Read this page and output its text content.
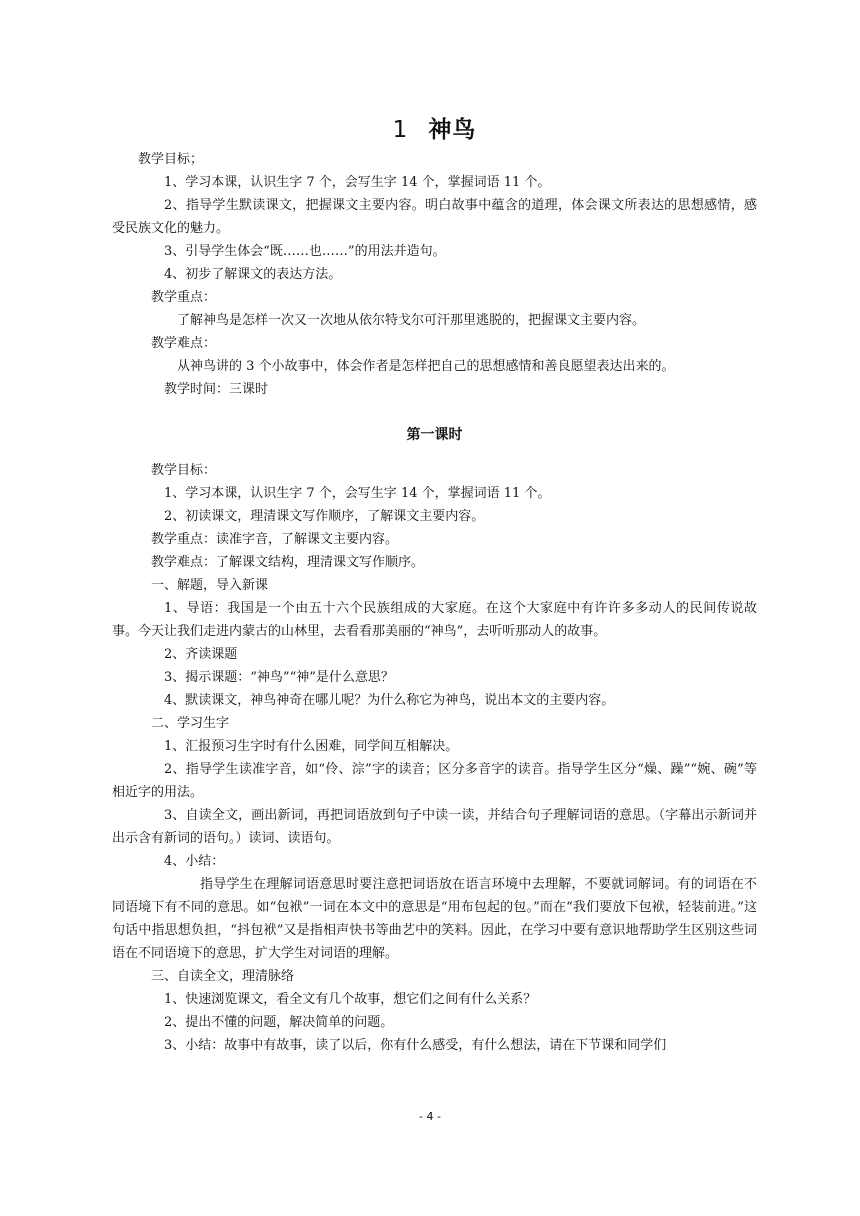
1 神鸟

教学目标；

1、学习本课，认识生字 7 个，会写生字 14 个，掌握词语 11 个。

2、指导学生默读课文，把握课文主要内容。明白故事中蕴含的道理，体会课文所表达的思想感情，感受民族文化的魅力。

3、引导学生体会“既……也……”的用法并造句。

4、初步了解课文的表达方法。

教学重点：

了解神鸟是怎样一次又一次地从依尔特戈尔可汗那里逃脱的，把握课文主要内容。

教学难点：

从神鸟讲的 3 个小故事中，体会作者是怎样把自己的思想感情和善良愿望表达出来的。

教学时间：三课时

第一课时

教学目标：

1、学习本课，认识生字 7 个，会写生字 14 个，掌握词语 11 个。

2、初读课文，理清课文写作顺序，了解课文主要内容。

教学重点：读准字音，了解课文主要内容。

教学难点：了解课文结构，理清课文写作顺序。

一、解题，导入新课

1、导语：我国是一个由五十六个民族组成的大家庭。在这个大家庭中有许许多多动人的民间传说故事。今天让我们走进内蒙古的山林里，去看看那美丽的“神鸟”，去听听那动人的故事。

2、齐读课题

3、揭示课题：“神鸟”“神”是什么意思？

4、默读课文，神鸟神奇在哪儿呢？为什么称它为神鸟，说出本文的主要内容。

二、学习生字

1、汇报预习生字时有什么困难，同学间互相解决。

2、指导学生读准字音，如“伶、淙”字的读音；区分多音字的读音。指导学生区分“燥、躁”“婉、碗”等相近字的用法。

3、自读全文，画出新词，再把词语放到句子中读一读，并结合句子理解词语的意思。（字幕出示新词并出示含有新词的语句。）读词、读语句。

4、小结：

指导学生在理解词语意思时要注意把词语放在语言环境中去理解，不要就词解词。有的词语在不同语境下有不同的意思。如“包袱”一词在本文中的意思是“用布包起的包。”而在“我们要放下包袱，轻装前进。”这句话中指思想负担，“抖包袱”又是指相声快书等曲艺中的笑料。因此，在学习中要有意识地帮助学生区别这些词语在不同语境下的意思，扩大学生对词语的理解。

三、自读全文，理清脉络

1、快速浏览课文，看全文有几个故事，想它们之间有什么关系？

2、提出不懂的问题，解决简单的问题。

3、小结：故事中有故事，读了以后，你有什么感受，有什么想法，请在下节课和同学们

- 4 -
